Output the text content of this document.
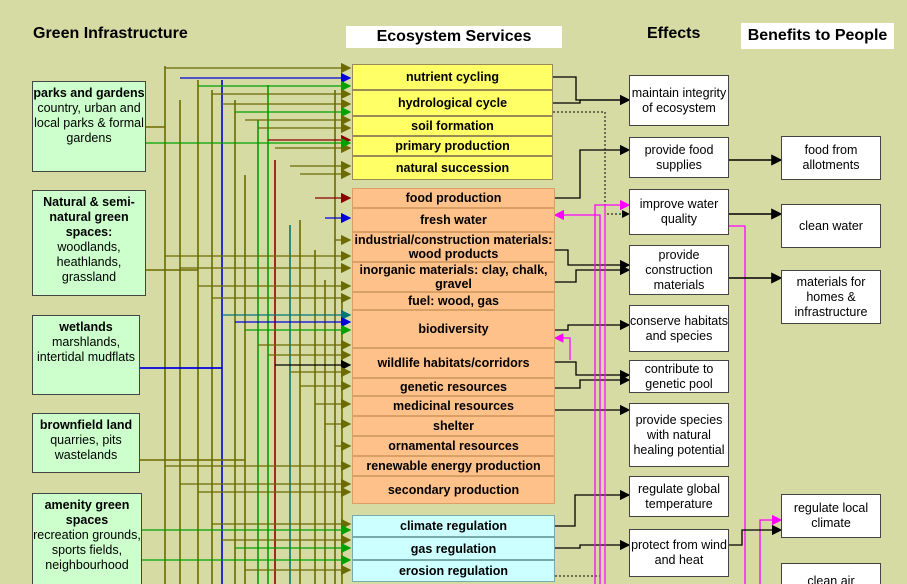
Green Infrastructure	Ecosystem Services	Effects	Benefits to People
parks and gardens
country, urban and local parks & formal gardens
Natural & semi-natural green spaces:
woodlands, heathlands, grassland
wetlands
marshlands, intertidal mudflats
brownfield land
quarries, pits wastelands
amenity green spaces
recreation grounds, sports fields, neighbourhood
nutrient cycling
hydrological cycle
soil formation
primary production
natural succession
food production
fresh water
industrial/construction materials: wood products
inorganic materials: clay, chalk, gravel
fuel: wood, gas
biodiversity
wildlife habitats/corridors
genetic resources
medicinal resources
shelter
ornamental resources
renewable energy production
secondary production
climate regulation
gas regulation
erosion regulation
maintain integrity of ecosystem
provide food supplies
improve water quality
provide construction materials
conserve habitats and species
contribute to genetic pool
provide species with natural healing potential
regulate global temperature
protect from wind and heat
food from allotments
clean water
materials for homes & infrastructure
regulate local climate
clean air
